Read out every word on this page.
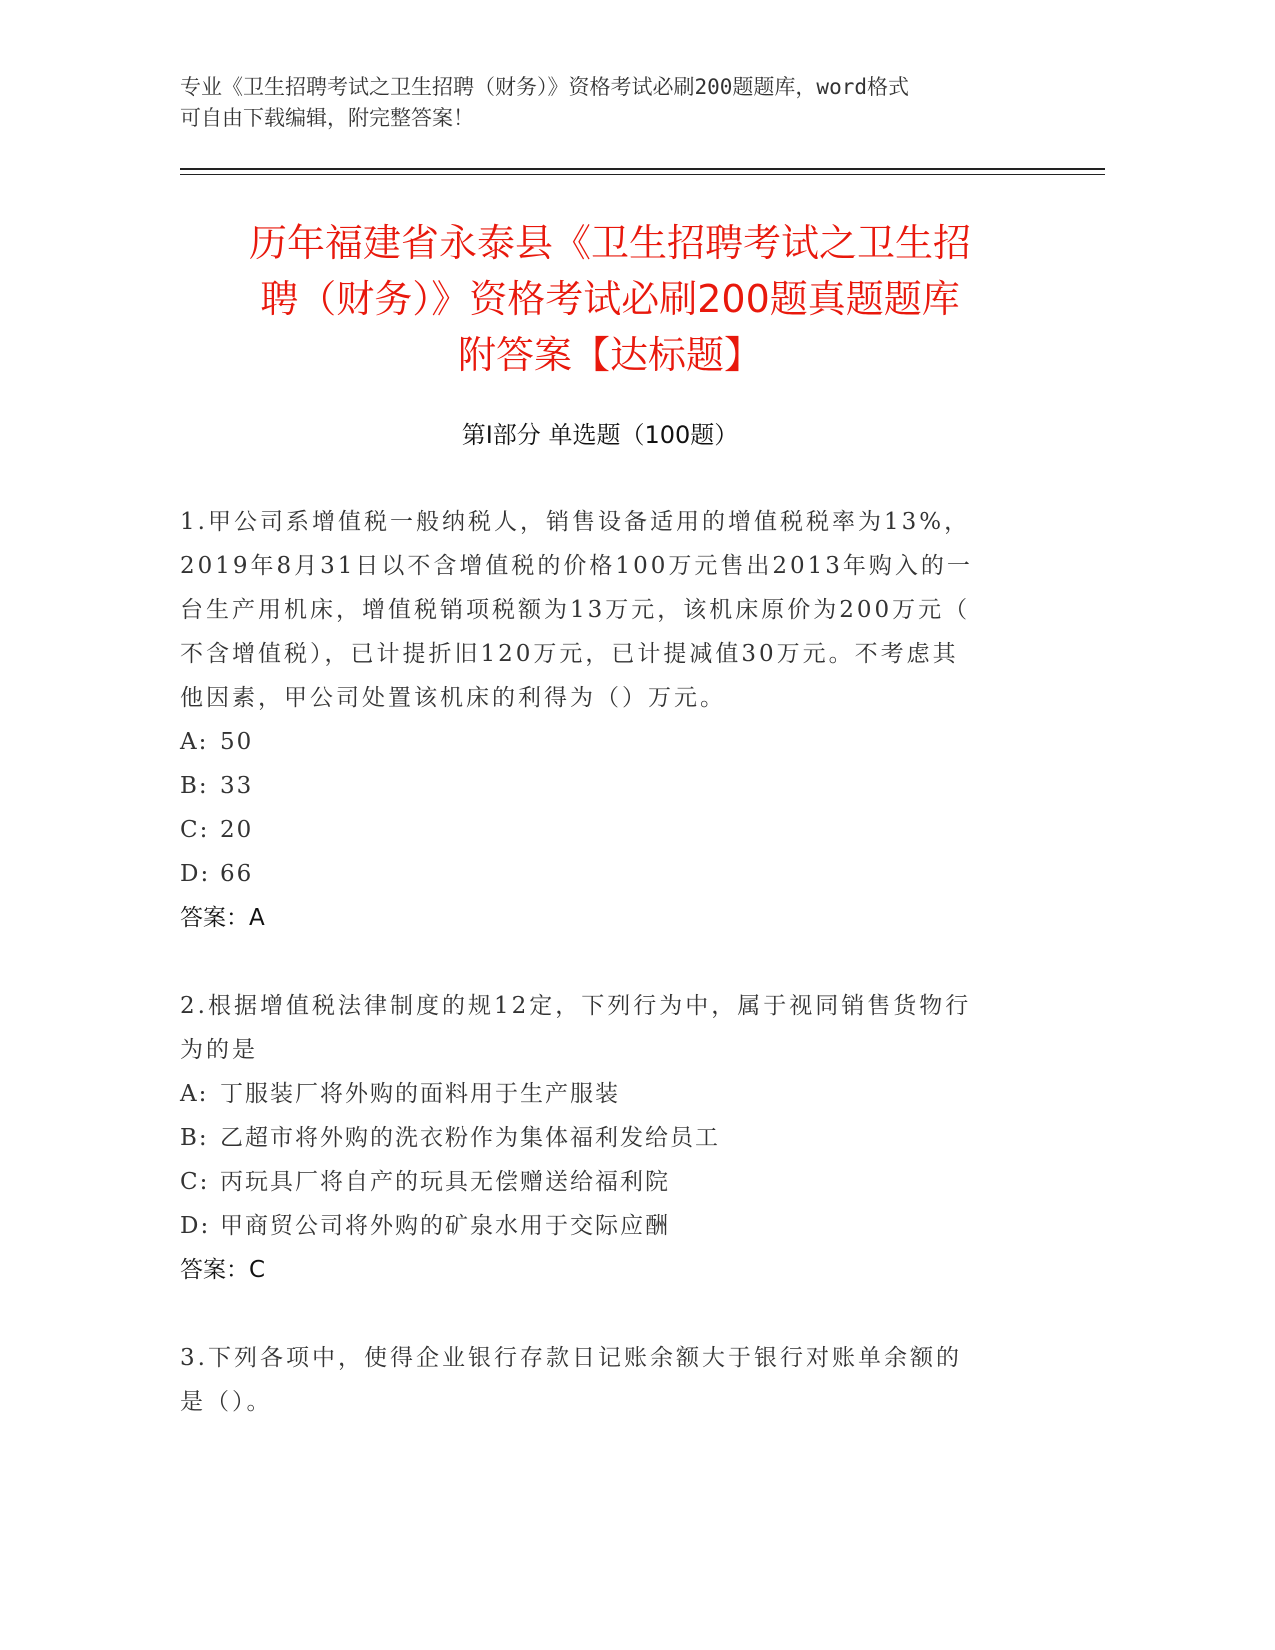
专业《卫生招聘考试之卫生招聘（财务）》资格考试必刷200题题库，word格式
可自由下载编辑，附完整答案！
历年福建省永泰县《卫生招聘考试之卫生招
聘（财务）》资格考试必刷200题真题题库
附答案【达标题】
第Ⅰ部分 单选题（100题）
1.甲公司系增值税一般纳税人，销售设备适用的增值税税率为13%，
2019年8月31日以不含增值税的价格100万元售出2013年购入的一
台生产用机床，增值税销项税额为13万元，该机床原价为200万元（
不含增值税），已计提折旧120万元，已计提减值30万元。不考虑其
他因素，甲公司处置该机床的利得为（）万元。
A: 50
B: 33
C: 20
D: 66
答案：A
2.根据增值税法律制度的规12定，下列行为中，属于视同销售货物行
为的是
A: 丁服装厂将外购的面料用于生产服装
B: 乙超市将外购的洗衣粉作为集体福利发给员工
C: 丙玩具厂将自产的玩具无偿赠送给福利院
D: 甲商贸公司将外购的矿泉水用于交际应酬
答案：C
3.下列各项中，使得企业银行存款日记账余额大于银行对账单余额的
是（）。
